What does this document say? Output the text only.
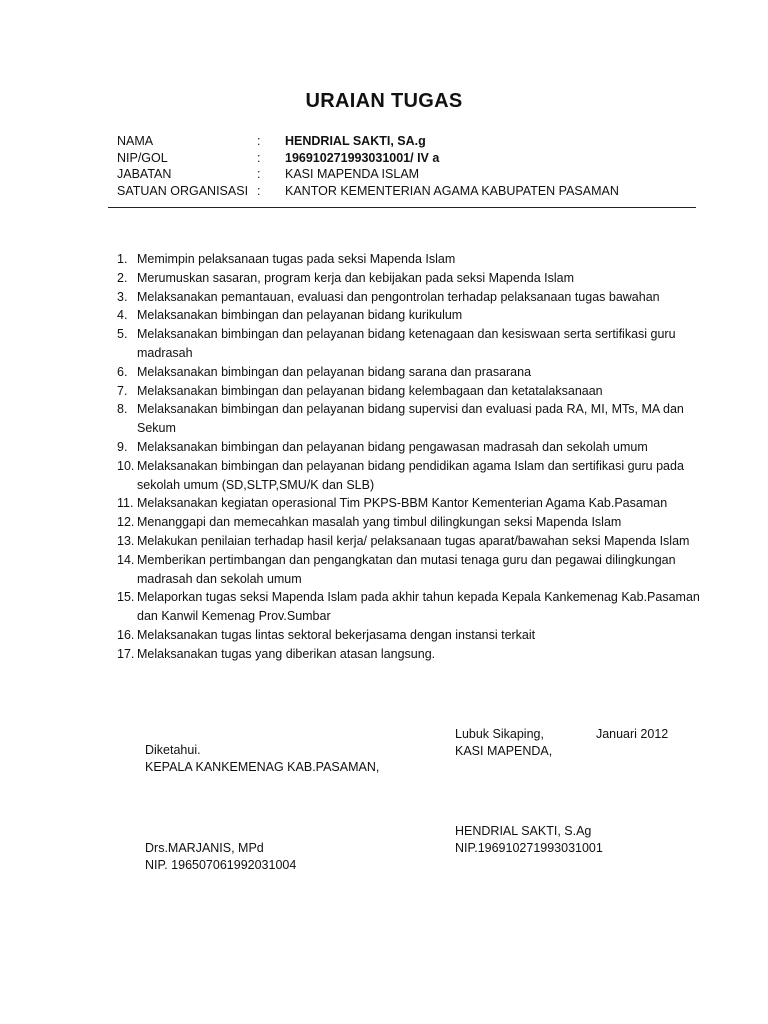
URAIAN TUGAS
NAMA	: HENDRIAL SAKTI, SA.g
NIP/GOL	: 196910271993031001/ IV a
JABATAN	: KASI MAPENDA ISLAM
SATUAN ORGANISASI : KANTOR KEMENTERIAN AGAMA KABUPATEN PASAMAN
1. Memimpin pelaksanaan tugas pada seksi Mapenda Islam
2. Merumuskan sasaran, program kerja dan kebijakan pada seksi Mapenda Islam
3. Melaksanakan pemantauan, evaluasi dan pengontrolan terhadap pelaksanaan tugas bawahan
4. Melaksanakan bimbingan dan pelayanan bidang kurikulum
5. Melaksanakan bimbingan dan pelayanan bidang ketenagaan dan kesiswaan serta sertifikasi guru madrasah
6. Melaksanakan bimbingan dan pelayanan bidang sarana dan prasarana
7. Melaksanakan bimbingan dan pelayanan bidang kelembagaan dan ketatalaksanaan
8. Melaksanakan bimbingan dan pelayanan bidang supervisi dan evaluasi pada RA, MI, MTs, MA dan Sekum
9. Melaksanakan bimbingan dan pelayanan bidang pengawasan madrasah dan sekolah umum
10. Melaksanakan bimbingan dan pelayanan bidang pendidikan agama Islam dan sertifikasi guru pada sekolah umum (SD,SLTP,SMU/K dan SLB)
11. Melaksanakan kegiatan operasional Tim PKPS-BBM Kantor Kementerian Agama Kab.Pasaman
12. Menanggapi dan memecahkan masalah yang timbul dilingkungan seksi Mapenda Islam
13. Melakukan penilaian terhadap hasil kerja/ pelaksanaan tugas aparat/bawahan seksi Mapenda Islam
14. Memberikan pertimbangan dan pengangkatan dan mutasi tenaga guru dan pegawai dilingkungan madrasah dan sekolah umum
15. Melaporkan tugas seksi Mapenda Islam pada akhir tahun kepada Kepala Kankemenag Kab.Pasaman dan Kanwil Kemenag Prov.Sumbar
16. Melaksanakan tugas lintas sektoral bekerjasama dengan instansi terkait
17. Melaksanakan tugas yang diberikan atasan langsung.
Diketahui.
KEPALA KANKEMENAG KAB.PASAMAN,
Drs.MARJANIS, MPd
NIP. 196507061992031004
Lubuk Sikaping,	Januari 2012
KASI MAPENDA,
HENDRIAL SAKTI, S.Ag
NIP.196910271993031001
